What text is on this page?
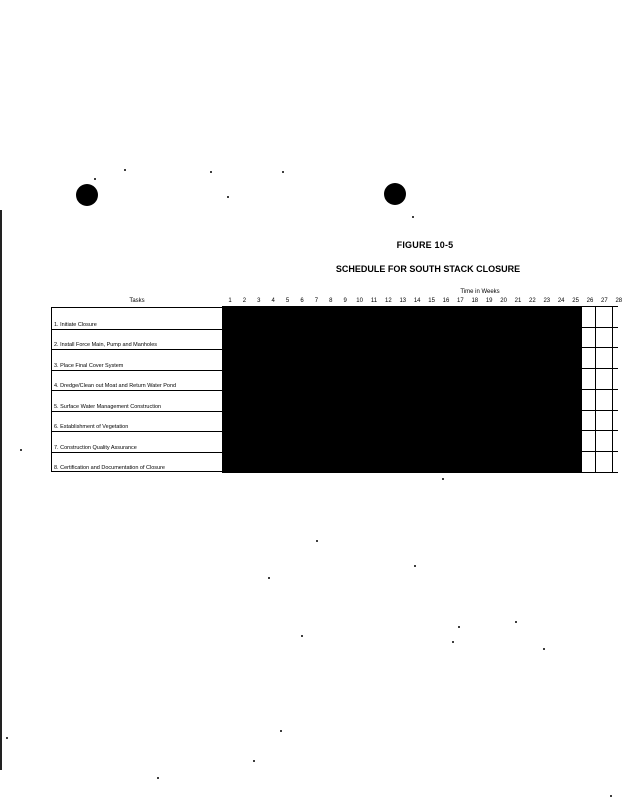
FIGURE 10-5
SCHEDULE FOR SOUTH STACK CLOSURE
Time in Weeks
Tasks	1	2	3	4	5	6	7	8	9	10	11	12	13	14	15	16	17	18	19	20	21	22	23	24	25	26	27	28
1. Initiate Closure
2. Install Force Main, Pump and Manholes
3. Place Final Cover System
4. Dredge/Clean out Moat and Return Water Pond
5. Surface Water Management Construction
6. Establishment of Vegetation
7. Construction Quality Assurance
8. Certification and Documentation of Closure
